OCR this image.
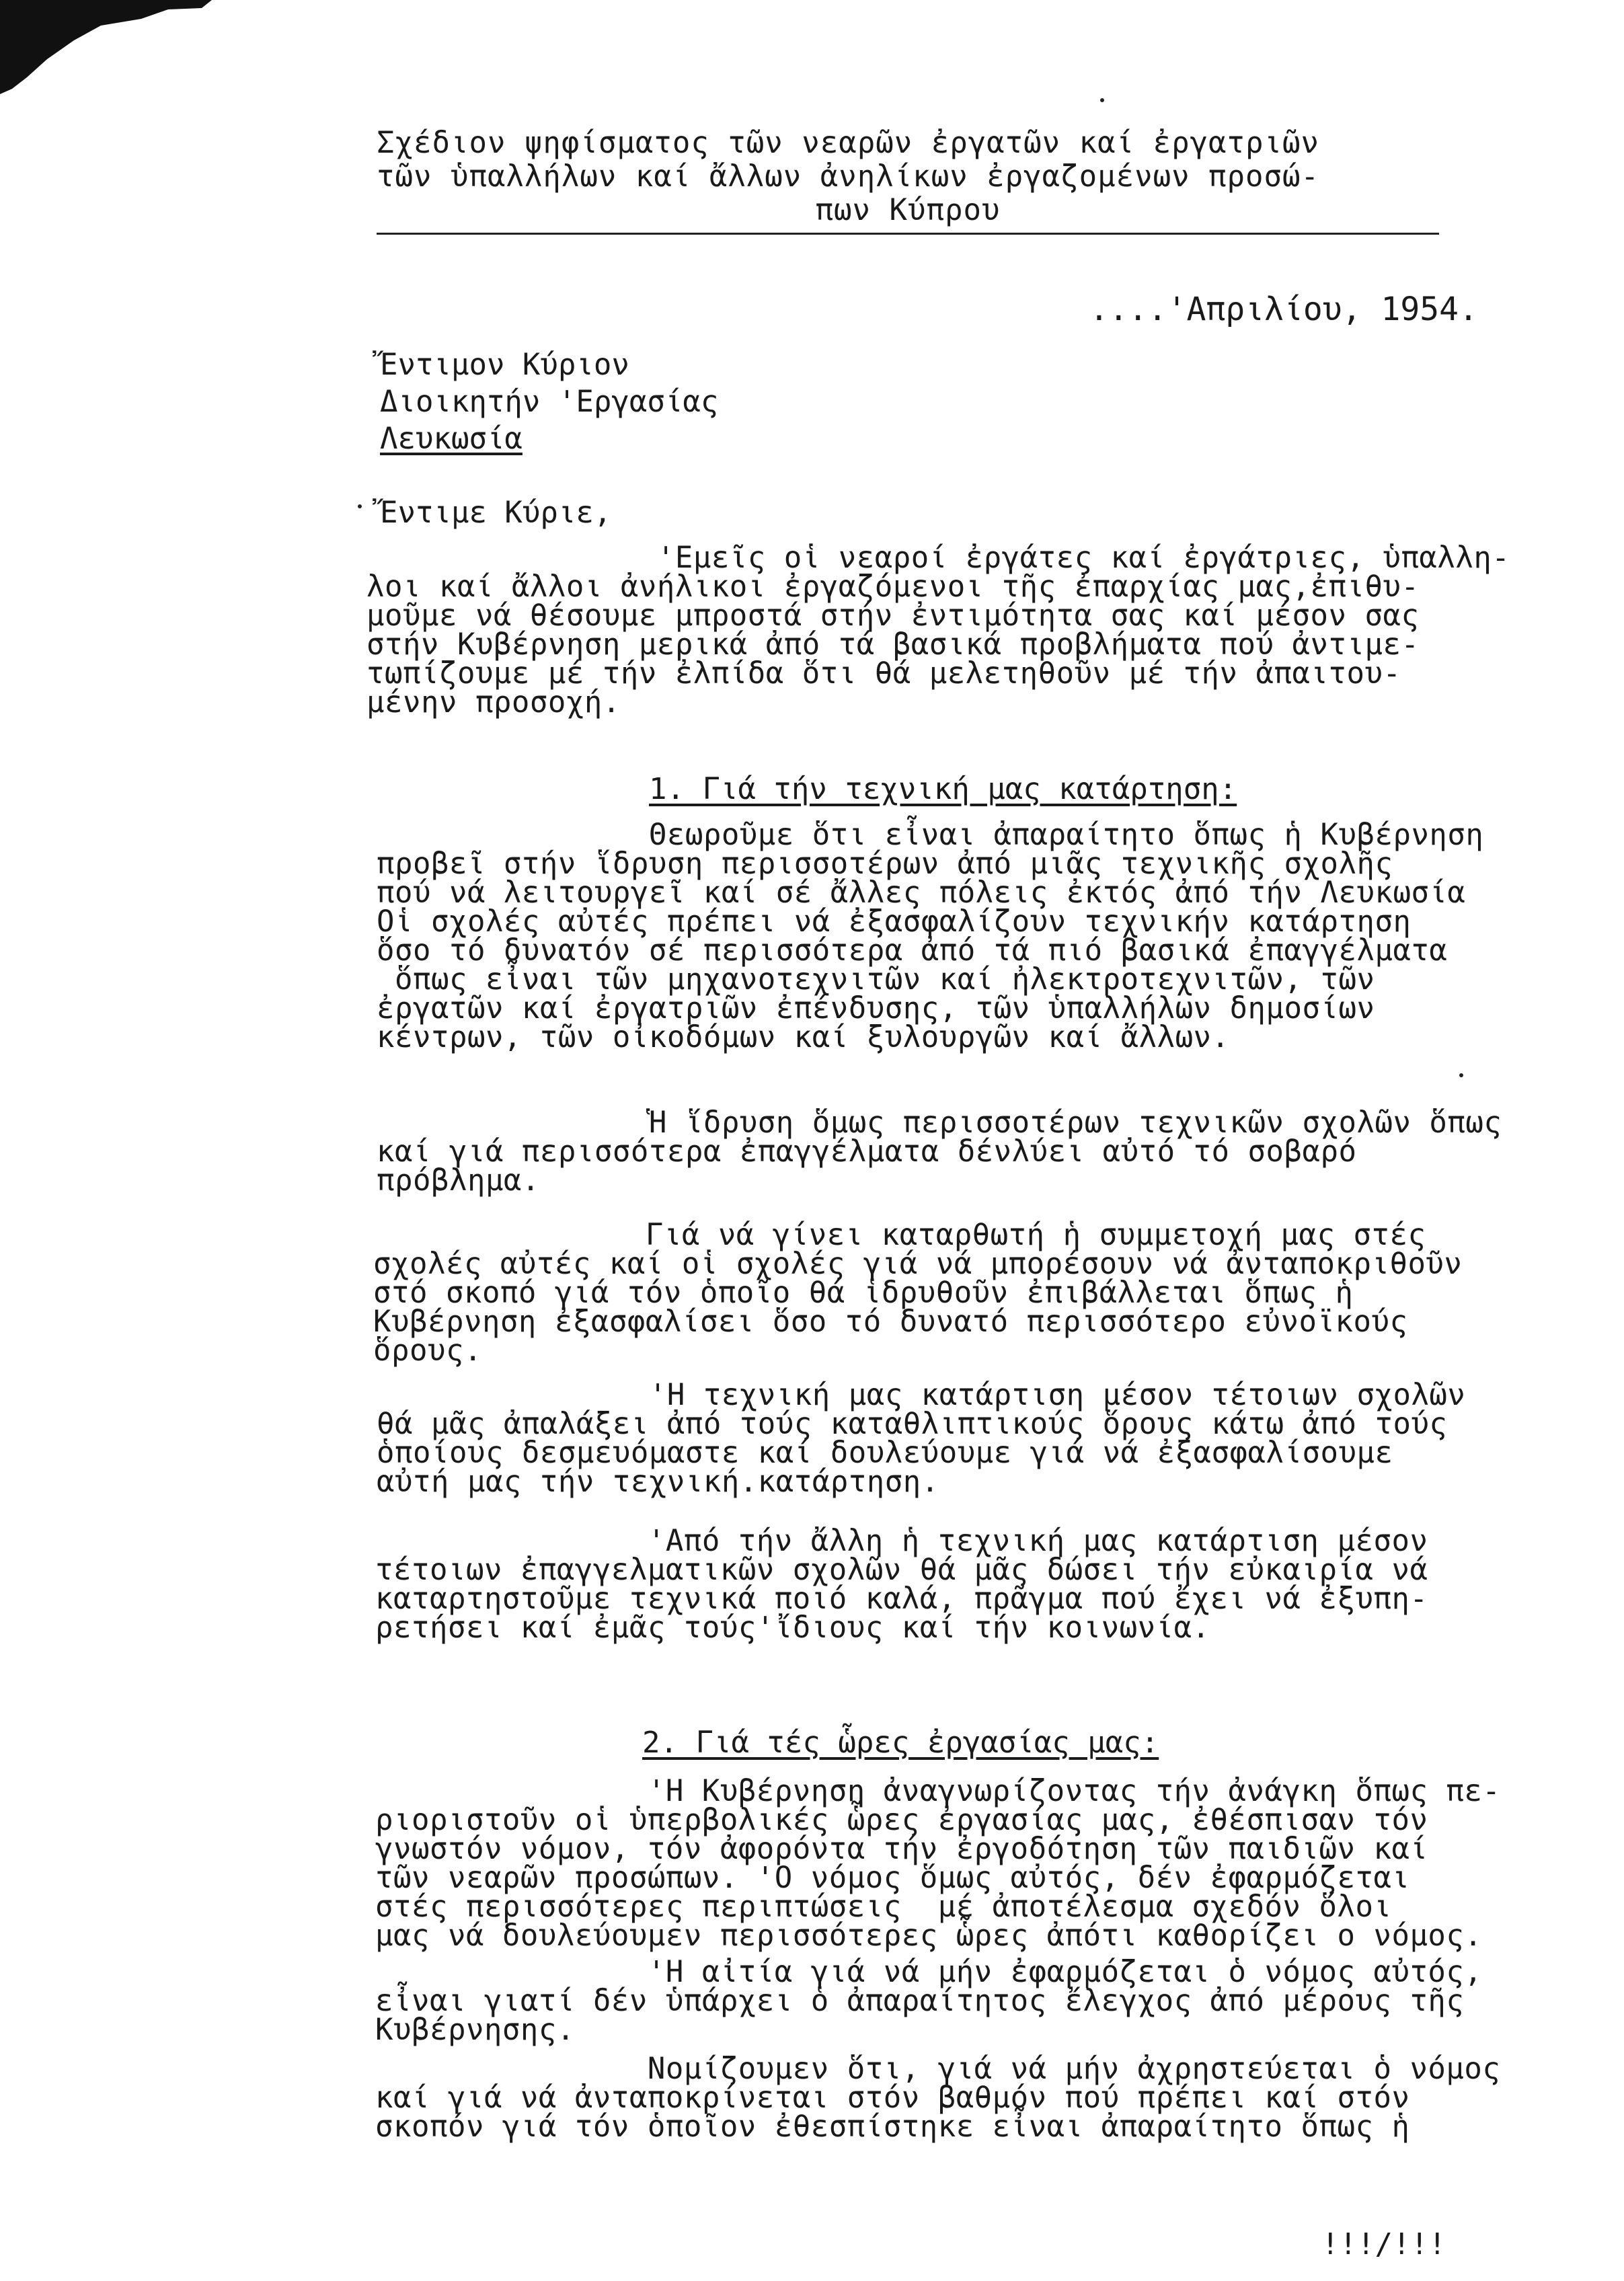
Σχέδιον ψηφίσματος τῶν νεαρῶν ἐργατῶν καί ἐργατριῶν
τῶν ὑπαλλήλων καί ἄλλων ἀνηλίκων ἐργαζομένων προσώ-
πων Κύπρου
....'Απριλίου, 1954.
Ἔντιμον Κύριον
Διοικητήν 'Εργασίας
Λευκωσία
Ἔντιμε Κύριε,
'Εμεῖς οἱ νεαροί ἐργάτες καί ἐργάτριες, ὑπαλλη-
λοι καί ἄλλοι ἀνήλικοι ἐργαζόμενοι τῆς ἐπαρχίας μας,ἐπιθυ-
μοῦμε νά θέσουμε μπροστά στήν ἐντιμότητα σας καί μέσον σας
στήν Κυβέρνηση μερικά ἀπό τά βασικά προβλήματα πού ἀντιμε-
τωπίζουμε μέ τήν ἐλπίδα ὅτι θά μελετηθοῦν μέ τήν ἀπαιτου-
μένην προσοχή.
1. Γιά τήν τεχνική μας κατάρτηση:
Θεωροῦμε ὅτι εἶναι ἀπαραίτητο ὅπως ἡ Κυβέρνηση
προβεῖ στήν ἵδρυση περισσοτέρων ἀπό μιᾶς τεχνικῆς σχολῆς
πού νά λειτουργεῖ καί σέ ἄλλες πόλεις ἐκτός ἀπό τήν Λευκωσία
Οἱ σχολές αὐτές πρέπει νά ἐξασφαλίζουν τεχνικήν κατάρτηση
ὅσο τό δυνατόν σέ περισσότερα ἀπό τά πιό βασικά ἐπαγγέλματα
ὅπως εἶναι τῶν μηχανοτεχνιτῶν καί ἠλεκτροτεχνιτῶν, τῶν
ἐργατῶν καί ἐργατριῶν ἐπένδυσης, τῶν ὑπαλλήλων δημοσίων
κέντρων, τῶν οἰκοδόμων καί ξυλουργῶν καί ἄλλων.
Ἡ ἵδρυση ὅμως περισσοτέρων τεχνικῶν σχολῶν ὅπως
καί γιά περισσότερα ἐπαγγέλματα δένλύει αὐτό τό σοβαρό
πρόβλημα.
Γιά νά γίνει καταρθωτή ἡ συμμετοχή μας στές
σχολές αὐτές καί οἱ σχολές γιά νά μπορέσουν νά ἀνταποκριθοῦν
στό σκοπό γιά τόν ὁποῖο θά ἱδρυθοῦν ἐπιβάλλεται ὅπως ἡ
Κυβέρνηση ἐξασφαλίσει ὅσο τό δυνατό περισσότερο εὐνοϊκούς
ὅρους.
'Η τεχνική μας κατάρτιση μέσον τέτοιων σχολῶν
θά μᾶς ἀπαλάξει ἀπό τούς καταθλιπτικούς ὅρους κάτω ἀπό τούς
ὁποίους δεσμευόμαστε καί δουλεύουμε γιά νά ἐξασφαλίσουμε
αὐτή μας τήν τεχνική.κατάρτηση.
'Από τήν ἄλλη ἡ τεχνική μας κατάρτιση μέσον
τέτοιων ἐπαγγελματικῶν σχολῶν θά μᾶς δώσει τήν εὐκαιρία νά
καταρτηστοῦμε τεχνικά ποιό καλά, πρᾶγμα πού ἔχει νά ἐξυπη-
ρετήσει καί ἐμᾶς τούς'ἴδιους καί τήν κοινωνία.
2. Γιά τές ὧρες ἐργασίας μας:
'Η Κυβέρνηση ἀναγνωρίζοντας τήν ἀνάγκη ὅπως πε-
ριοριστοῦν οἱ ὑπερβολικές ὧρες ἐργασίας μας, ἐθέσπισαν τόν
γνωστόν νόμον, τόν ἀφορόντα τήν ἐργοδότηση τῶν παιδιῶν καί
τῶν νεαρῶν προσώπων. 'Ο νόμος ὅμως αὐτός, δέν ἐφαρμόζεται
στές περισσότερες περιπτώσεις  μέ ἀποτέλεσμα σχεδόν ὅλοι
μας νά δουλεύουμεν περισσότερες ὧρες ἀπότι καθορίζει ο νόμος.
'Η αἰτία γιά νά μήν ἐφαρμόζεται ὁ νόμος αὐτός,
εἶναι γιατί δέν ὑπάρχει ὁ ἀπαραίτητος ἔλεγχος ἀπό μέρους τῆς
Κυβέρνησης.
Νομίζουμεν ὅτι, γιά νά μήν ἀχρηστεύεται ὁ νόμος
καί γιά νά ἀνταποκρίνεται στόν βαθμόν πού πρέπει καί στόν
σκοπόν γιά τόν ὁποῖον ἐθεσπίστηκε εἶναι ἀπαραίτητο ὅπως ἡ
!!!/!!!
